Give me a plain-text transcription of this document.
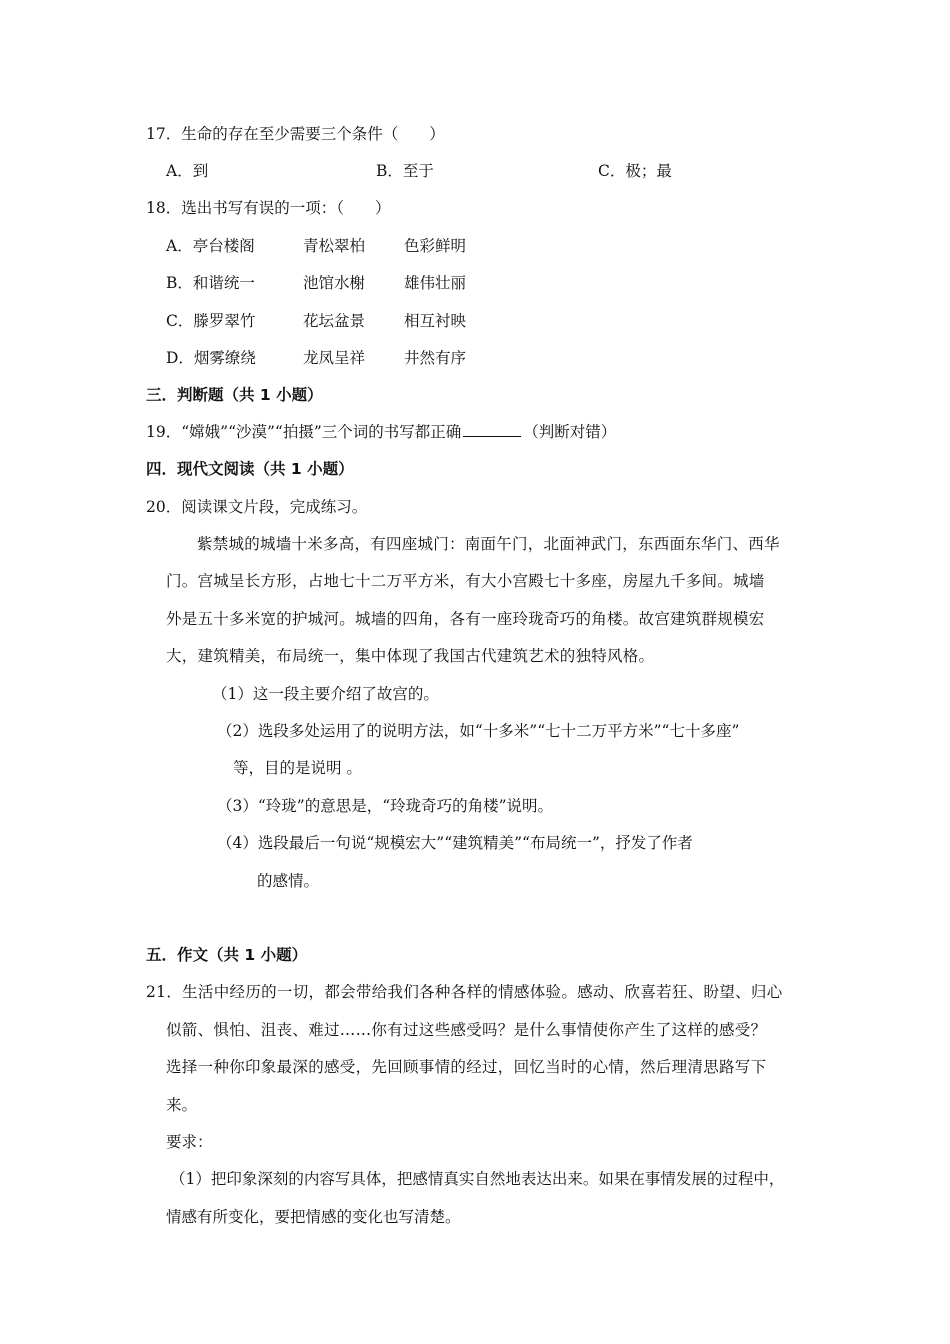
17．生命的存在至少需要三个条件（　　）
A．到	B．至于	C．极；最
18．选出书写有误的一项：（　　）
A．亭台楼阁	青松翠柏	色彩鲜明
B．和谐统一	池馆水榭	雄伟壮丽
C．滕罗翠竹	花坛盆景	相互衬映
D．烟雾缭绕	龙凤呈祥	井然有序
三．判断题（共 1 小题）
19．“嫦娥”“沙漠”“拍摄”三个词的书写都正确	（判断对错）
四．现代文阅读（共 1 小题）
20．阅读课文片段，完成练习。
紫禁城的城墙十米多高，有四座城门：南面午门，北面神武门，东西面东华门、西华
门。宫城呈长方形，占地七十二万平方米，有大小宫殿七十多座，房屋九千多间。城墙
外是五十多米宽的护城河。城墙的四角，各有一座玲珑奇巧的角楼。故宫建筑群规模宏
大，建筑精美，布局统一，集中体现了我国古代建筑艺术的独特风格。
（1）这一段主要介绍了故宫的。
（2）选段多处运用了的说明方法，如“十多米”“七十二万平方米”“七十多座”
等，目的是说明 。
（3）“玲珑”的意思是，“玲珑奇巧的角楼”说明。
（4）选段最后一句说“规模宏大”“建筑精美”“布局统一”，抒发了作者
的感情。
五．作文（共 1 小题）
21．生活中经历的一切，都会带给我们各种各样的情感体验。感动、欣喜若狂、盼望、归心
似箭、惧怕、沮丧、难过……你有过这些感受吗？是什么事情使你产生了这样的感受？
选择一种你印象最深的感受，先回顾事情的经过，回忆当时的心情，然后理清思路写下
来。
要求：
（1）把印象深刻的内容写具体，把感情真实自然地表达出来。如果在事情发展的过程中，
情感有所变化，要把情感的变化也写清楚。
